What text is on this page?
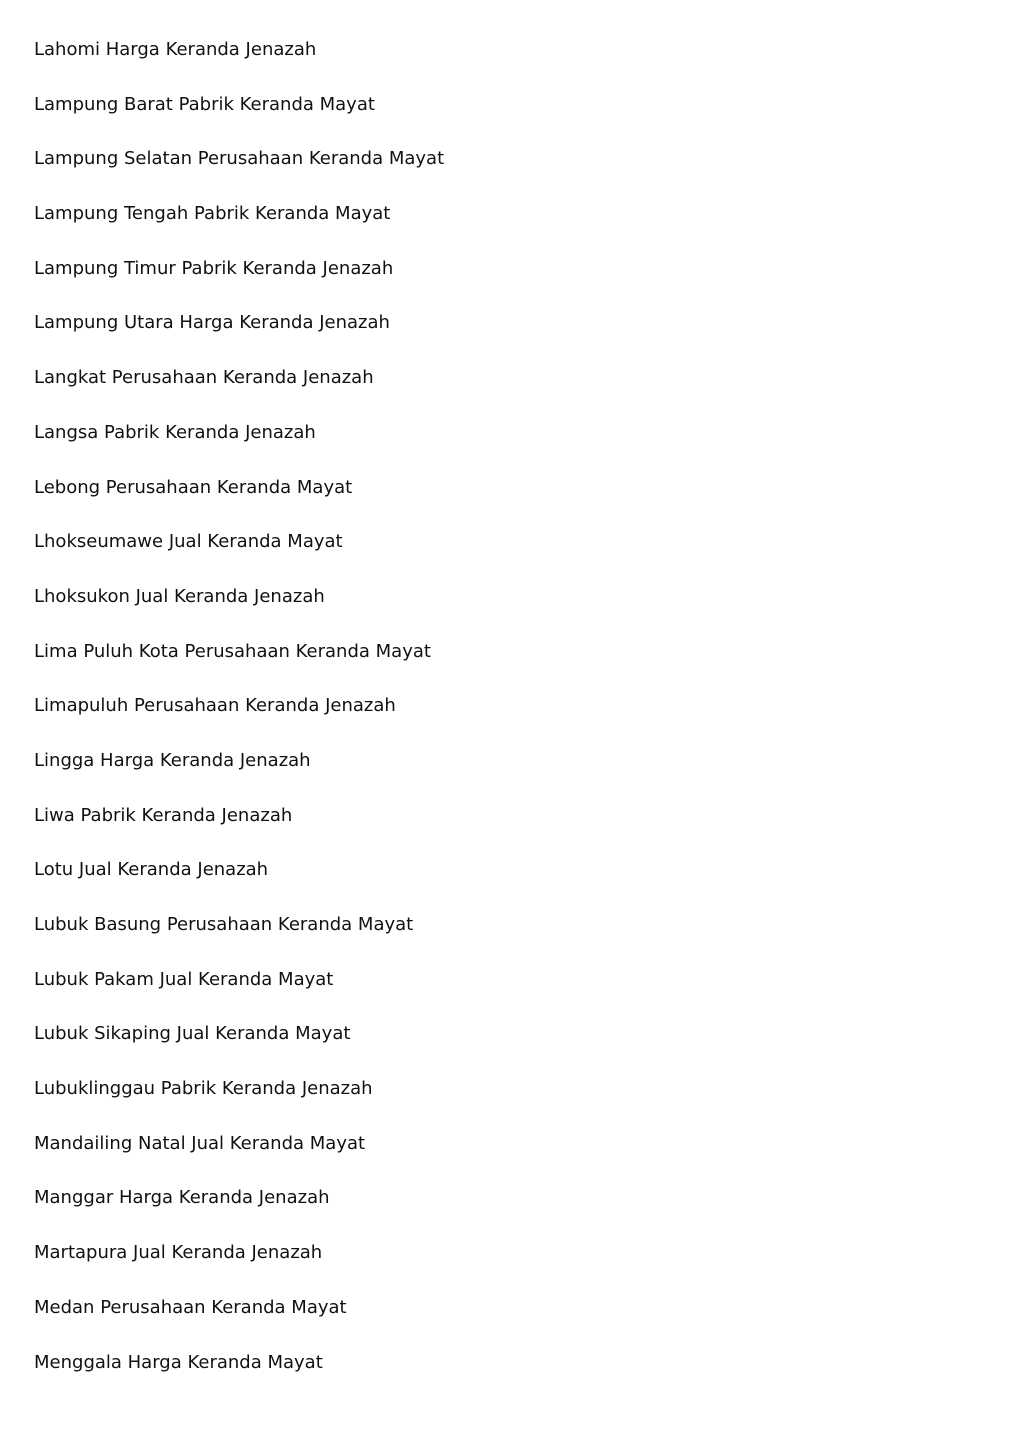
Lahomi Harga Keranda Jenazah
Lampung Barat Pabrik Keranda Mayat
Lampung Selatan Perusahaan Keranda Mayat
Lampung Tengah Pabrik Keranda Mayat
Lampung Timur Pabrik Keranda Jenazah
Lampung Utara Harga Keranda Jenazah
Langkat Perusahaan Keranda Jenazah
Langsa Pabrik Keranda Jenazah
Lebong Perusahaan Keranda Mayat
Lhokseumawe Jual Keranda Mayat
Lhoksukon Jual Keranda Jenazah
Lima Puluh Kota Perusahaan Keranda Mayat
Limapuluh Perusahaan Keranda Jenazah
Lingga Harga Keranda Jenazah
Liwa Pabrik Keranda Jenazah
Lotu Jual Keranda Jenazah
Lubuk Basung Perusahaan Keranda Mayat
Lubuk Pakam Jual Keranda Mayat
Lubuk Sikaping Jual Keranda Mayat
Lubuklinggau Pabrik Keranda Jenazah
Mandailing Natal Jual Keranda Mayat
Manggar Harga Keranda Jenazah
Martapura Jual Keranda Jenazah
Medan Perusahaan Keranda Mayat
Menggala Harga Keranda Mayat
